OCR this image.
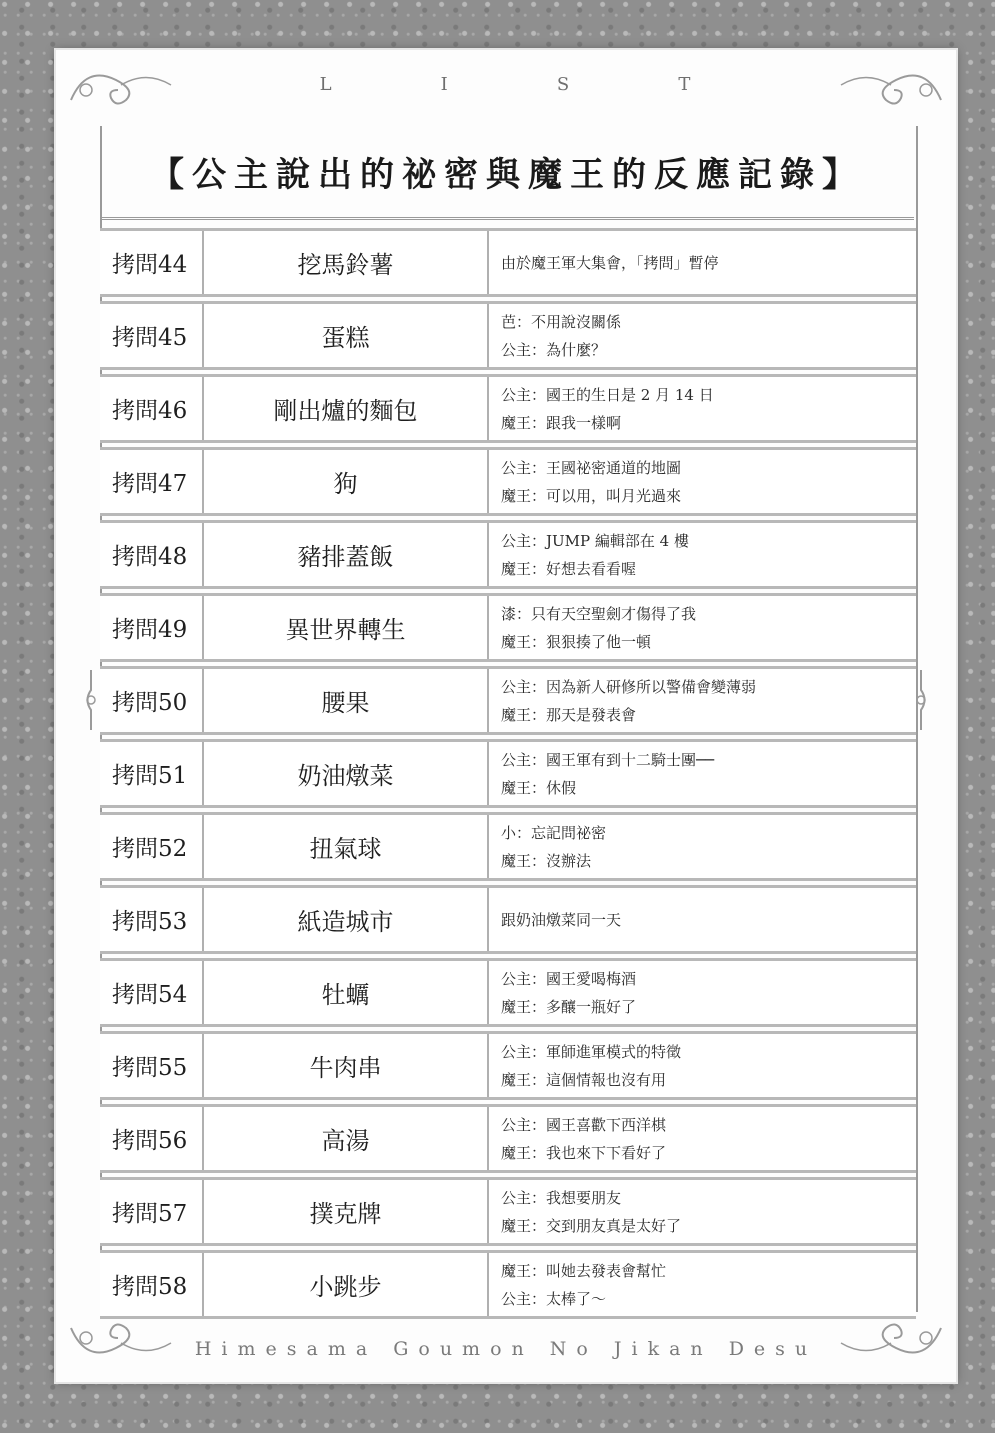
L	I	S	T
【公主說出的祕密與魔王的反應記錄】
拷問44	挖馬鈴薯	由於魔王軍大集會，「拷問」暫停
拷問45	蛋糕
芭：不用說沒關係
公主：為什麼？
拷問46	剛出爐的麵包
公主：國王的生日是 2 月 14 日
魔王：跟我一樣啊
拷問47	狗
公主：王國祕密通道的地圖
魔王：可以用，叫月光過來
拷問48	豬排蓋飯
公主：JUMP 編輯部在 4 樓
魔王：好想去看看喔
拷問49	異世界轉生
漆：只有天空聖劍才傷得了我
魔王：狠狠揍了他一頓
拷問50	腰果
公主：因為新人研修所以警備會變薄弱
魔王：那天是發表會
拷問51	奶油燉菜
公主：國王軍有到十二騎士團──
魔王：休假
拷問52	扭氣球
小：忘記問祕密
魔王：沒辦法
拷問53	紙造城市	跟奶油燉菜同一天
拷問54	牡蠣
公主：國王愛喝梅酒
魔王：多釀一瓶好了
拷問55	牛肉串
公主：軍師進軍模式的特徵
魔王：這個情報也沒有用
拷問56	高湯
公主：國王喜歡下西洋棋
魔王：我也來下下看好了
拷問57	撲克牌
公主：我想要朋友
魔王：交到朋友真是太好了
拷問58	小跳步
魔王：叫她去發表會幫忙
公主：太棒了～
Himesama Goumon No Jikan Desu
